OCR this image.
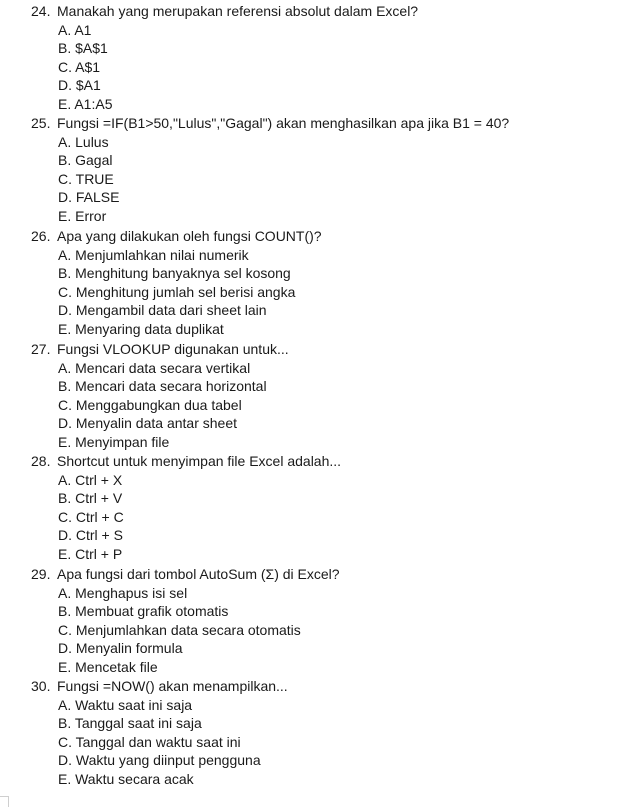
24. Manakah yang merupakan referensi absolut dalam Excel?
A. A1
B. $A$1
C. A$1
D. $A1
E. A1:A5
25. Fungsi =IF(B1>50,"Lulus","Gagal") akan menghasilkan apa jika B1 = 40?
A. Lulus
B. Gagal
C. TRUE
D. FALSE
E. Error
26. Apa yang dilakukan oleh fungsi COUNT()?
A. Menjumlahkan nilai numerik
B. Menghitung banyaknya sel kosong
C. Menghitung jumlah sel berisi angka
D. Mengambil data dari sheet lain
E. Menyaring data duplikat
27. Fungsi VLOOKUP digunakan untuk...
A. Mencari data secara vertikal
B. Mencari data secara horizontal
C. Menggabungkan dua tabel
D. Menyalin data antar sheet
E. Menyimpan file
28. Shortcut untuk menyimpan file Excel adalah...
A. Ctrl + X
B. Ctrl + V
C. Ctrl + C
D. Ctrl + S
E. Ctrl + P
29. Apa fungsi dari tombol AutoSum (Σ) di Excel?
A. Menghapus isi sel
B. Membuat grafik otomatis
C. Menjumlahkan data secara otomatis
D. Menyalin formula
E. Mencetak file
30. Fungsi =NOW() akan menampilkan...
A. Waktu saat ini saja
B. Tanggal saat ini saja
C. Tanggal dan waktu saat ini
D. Waktu yang diinput pengguna
E. Waktu secara acak
